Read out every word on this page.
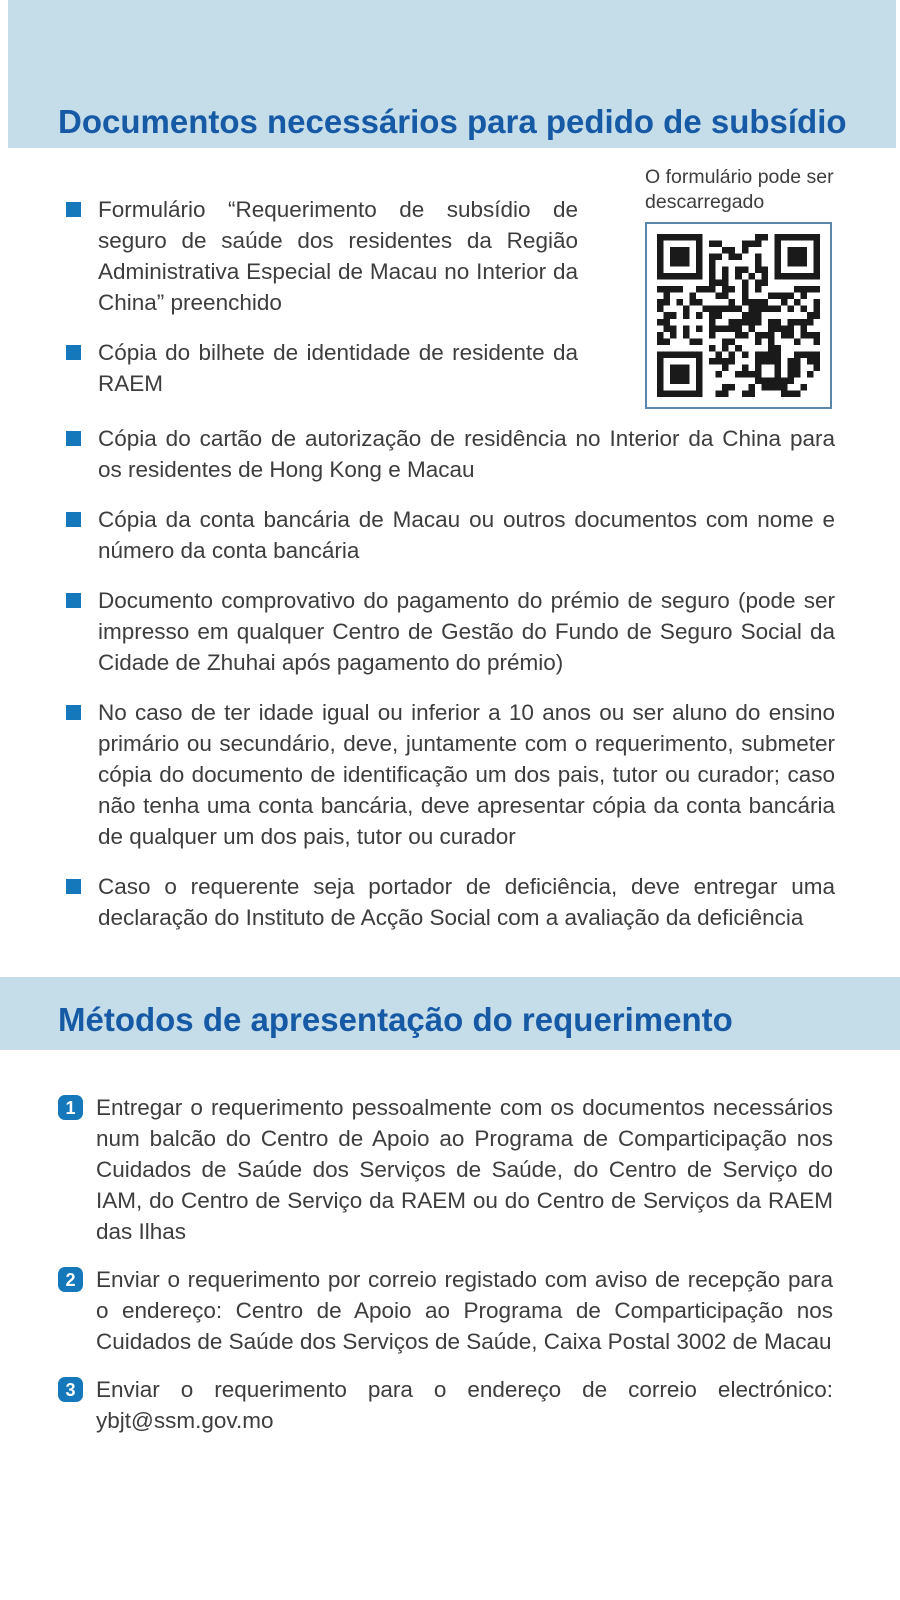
Documentos necessários para pedido de subsídio

Formulário “Requerimento de subsídio de seguro de saúde dos residentes da Região Administrativa Especial de Macau no Interior da China” preenchido

Cópia do bilhete de identidade de residente da RAEM

O formulário pode ser descarregado

Cópia do cartão de autorização de residência no Interior da China para os residentes de Hong Kong e Macau

Cópia da conta bancária de Macau ou outros documentos com nome e número da conta bancária

Documento comprovativo do pagamento do prémio de seguro (pode ser impresso em qualquer Centro de Gestão do Fundo de Seguro Social da Cidade de Zhuhai após pagamento do prémio)

No caso de ter idade igual ou inferior a 10 anos ou ser aluno do ensino primário ou secundário, deve, juntamente com o requerimento, submeter cópia do documento de identificação um dos pais, tutor ou curador; caso não tenha uma conta bancária, deve apresentar cópia da conta bancária de qualquer um dos pais, tutor ou curador

Caso o requerente seja portador de deficiência, deve entregar uma declaração do Instituto de Acção Social com a avaliação da deficiência

Métodos de apresentação do requerimento
1 Entregar o requerimento pessoalmente com os documentos necessários num balcão do Centro de Apoio ao Programa de Comparticipação nos Cuidados de Saúde dos Serviços de Saúde, do Centro de Serviço do IAM, do Centro de Serviço da RAEM ou do Centro de Serviços da RAEM das Ilhas

2 Enviar o requerimento por correio registado com aviso de recepção para o endereço: Centro de Apoio ao Programa de Comparticipação nos Cuidados de Saúde dos Serviços de Saúde, Caixa Postal 3002 de Macau

3 Enviar o requerimento para o endereço de correio electrónico: ybjt@ssm.gov.mo
